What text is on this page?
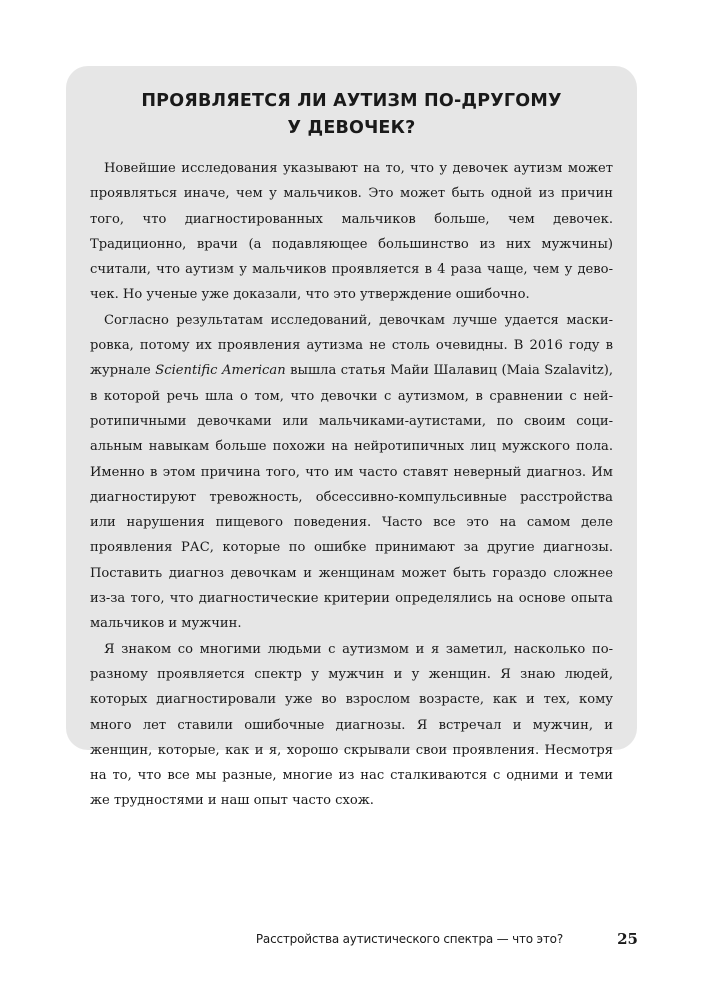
ПРОЯВЛЯЕТСЯ ЛИ АУТИЗМ ПО-ДРУГОМУ
У ДЕВОЧЕК?

Новейшие исследования указывают на то, что у девочек аутизм может проявляться иначе, чем у мальчиков. Это может быть одной из причин того, что диагностированных мальчиков больше, чем девочек. Традиционно, врачи (а подавляющее большинство из них мужчины) считали, что аутизм у мальчиков проявляется в 4 раза чаще, чем у девочек. Но ученые уже доказали, что это утверждение ошибочно.

Согласно результатам исследований, девочкам лучше удается маскировка, потому их проявления аутизма не столь очевидны. В 2016 году в журнале Scientific American вышла статья Майи Шалавиц (Maia Szalavitz), в которой речь шла о том, что девочки с аутизмом, в сравнении с нейротипичными девочками или мальчиками-аутистами, по своим социальным навыкам больше похожи на нейротипичных лиц мужского пола. Именно в этом причина того, что им часто ставят неверный диагноз. Им диагностируют тревожность, обсессивно-компульсивные расстройства или нарушения пищевого поведения. Часто все это на самом деле проявления РАС, которые по ошибке принимают за другие диагнозы. Поставить диагноз девочкам и женщинам может быть гораздо сложнее из-за того, что диагностические критерии определялись на основе опыта мальчиков и мужчин.

Я знаком со многими людьми с аутизмом и я заметил, насколько по-разному проявляется спектр у мужчин и у женщин. Я знаю людей, которых диагностировали уже во взрослом возрасте, как и тех, кому много лет ставили ошибочные диагнозы. Я встречал и мужчин, и женщин, которые, как и я, хорошо скрывали свои проявления. Несмотря на то, что все мы разные, многие из нас сталкиваются с одними и теми же трудностями и наш опыт часто схож.

Расстройства аутистического спектра — что это?	25
